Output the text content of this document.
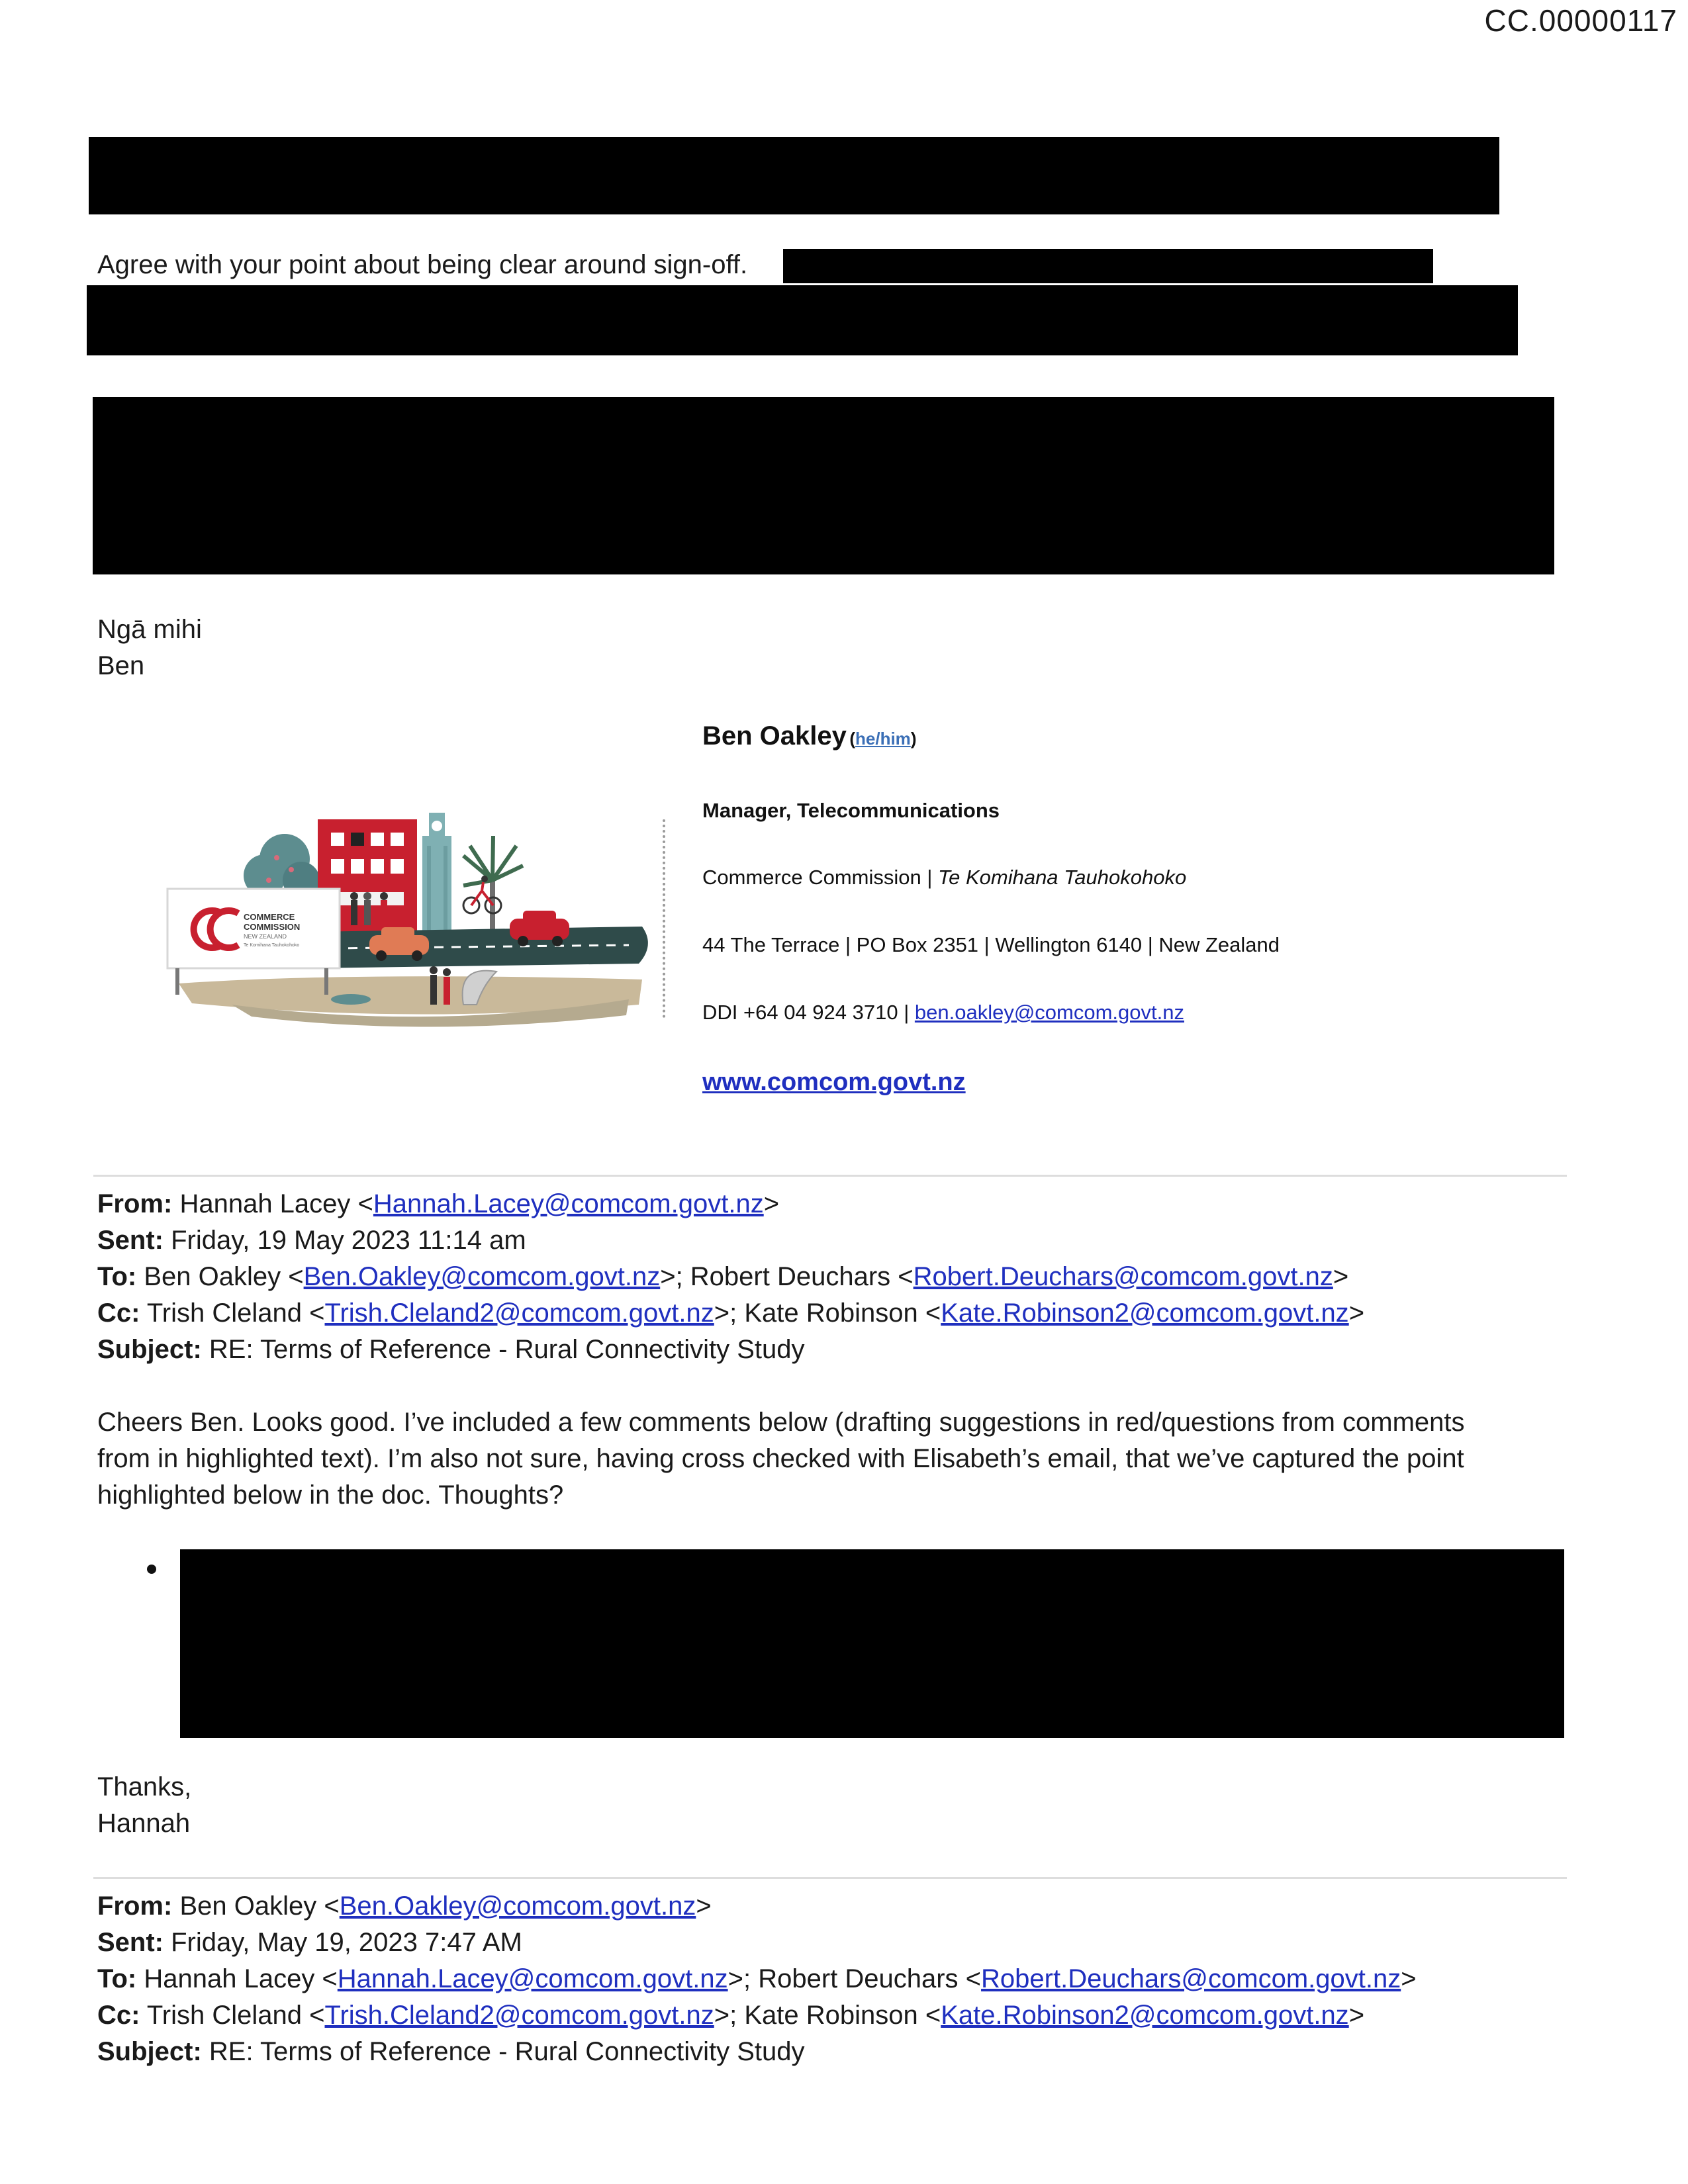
CC.00000117
Agree with your point about being clear around sign-off.
Ngā mihi
Ben
COMMERCE
COMMISSION
NEW ZEALAND
Te Komihana Tauhokohoko
Ben Oakley (he/him)
Manager, Telecommunications
Commerce Commission | Te Komihana Tauhokohoko
44 The Terrace | PO Box 2351 | Wellington 6140 | New Zealand
DDI +64 04 924 3710 | ben.oakley@comcom.govt.nz
www.comcom.govt.nz
From: Hannah Lacey <Hannah.Lacey@comcom.govt.nz>
Sent: Friday, 19 May 2023 11:14 am
To: Ben Oakley <Ben.Oakley@comcom.govt.nz>; Robert Deuchars <Robert.Deuchars@comcom.govt.nz>
Cc: Trish Cleland <Trish.Cleland2@comcom.govt.nz>; Kate Robinson <Kate.Robinson2@comcom.govt.nz>
Subject: RE: Terms of Reference - Rural Connectivity Study
Cheers Ben. Looks good. I’ve included a few comments below (drafting suggestions in red/questions from comments
from in highlighted text). I’m also not sure, having cross checked with Elisabeth’s email, that we’ve captured the point
highlighted below in the doc. Thoughts?
Thanks,
Hannah
From: Ben Oakley <Ben.Oakley@comcom.govt.nz>
Sent: Friday, May 19, 2023 7:47 AM
To: Hannah Lacey <Hannah.Lacey@comcom.govt.nz>; Robert Deuchars <Robert.Deuchars@comcom.govt.nz>
Cc: Trish Cleland <Trish.Cleland2@comcom.govt.nz>; Kate Robinson <Kate.Robinson2@comcom.govt.nz>
Subject: RE: Terms of Reference - Rural Connectivity Study
